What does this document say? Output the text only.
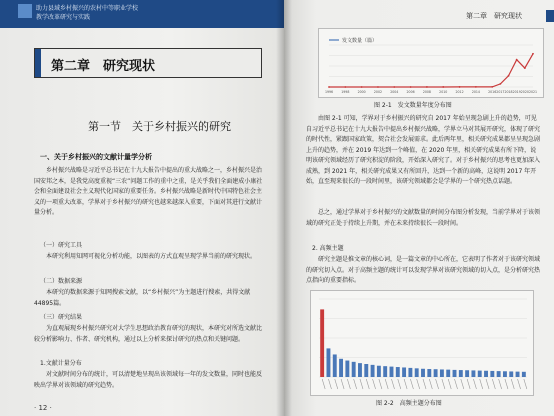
助力县域乡村振兴的农村中等职业学校
教学改革研究与实践
第二章　研究现状
第一节　关于乡村振兴的研究
一、关于乡村振兴的文献计量学分析
乡村振兴战略是习近平总书记在十九大报告中提出的重大战略之一，乡村振兴是治国安邦之本，是我党高度重视“三农”问题工作的重中之重，是关乎我们全面建成小康社会和全面建设社会主义现代化国家的重要任务。乡村振兴战略是新时代中国特色社会主义的一项重大改革，学界对于乡村振兴的研究也越来越深入重要，下面对其进行文献计量分析。
（一）研究工具
本研究利用知网可视化分析功能，以图表的方式直观呈现学界当前的研究现状。
（二）数据来源
本研究的数据来源于知网搜索文献，以“乡村振兴”为主题进行搜索，共得文献44895篇。
（三）研究结果
为直观展现乡村振兴研究对大学生思想政治教育研究的现状，本研究对所选文献比较分析影响力、作者、研究机构，通过以上分析来探讨研究的热点和关键问题。
1.文献计量分布
对文献时间分布的统计，可以清楚地呈现出该领域每一年的发文数量，同时也能反映出学界对该领域的研究趋势。
· 12 ·
第二章　研究现状
1996	1998	2000	2002	2004	2006	2008	2010	2012	2014	2016 2017 2018 2019 2020 2021
发文数量（篇）
图 2-1　发文数量年度分布图
由图 2-1 可知，学界对于乡村振兴的研究自 2017 年始呈现急剧上升的趋势，可见自习近平总书记在十九大报告中提出乡村振兴战略，学界立马对其展开研究，体现了研究的时代性，紧跟国家政策，契合社会发展需求。此后两年里，相关研究成果都呈呈现急剧上升的趋势，并在 2019 年达到一个峰值，在 2020 年里，相关研究成果有所下降，说明该研究领域经历了研究积淀的阶段，开始深入研究了。对于乡村振兴的思考也更加深入成熟，到 2021 年，相关研究成果又有所回升，达到一个新的高峰，这说明 2017 年开始，直至现来很长的一段时间里，该研究领域都会是学界的一个研究热点话题。
总之，通过学界对于乡村振兴的文献数量的时间分布图分析发现，当前学界对于该领域的研究正处于持续上升期，并在未来持续很长一段时间。
2. 高频主题
研究主题是推文章的核心词，是一篇文章的中心所在，它表明了作者对于该研究领域的研究切入点。对于高频主题的统计可以发现学界对该研究领域的切入点，是分析研究热点指向的重要指标。
图 2-2　高频主题分布图
